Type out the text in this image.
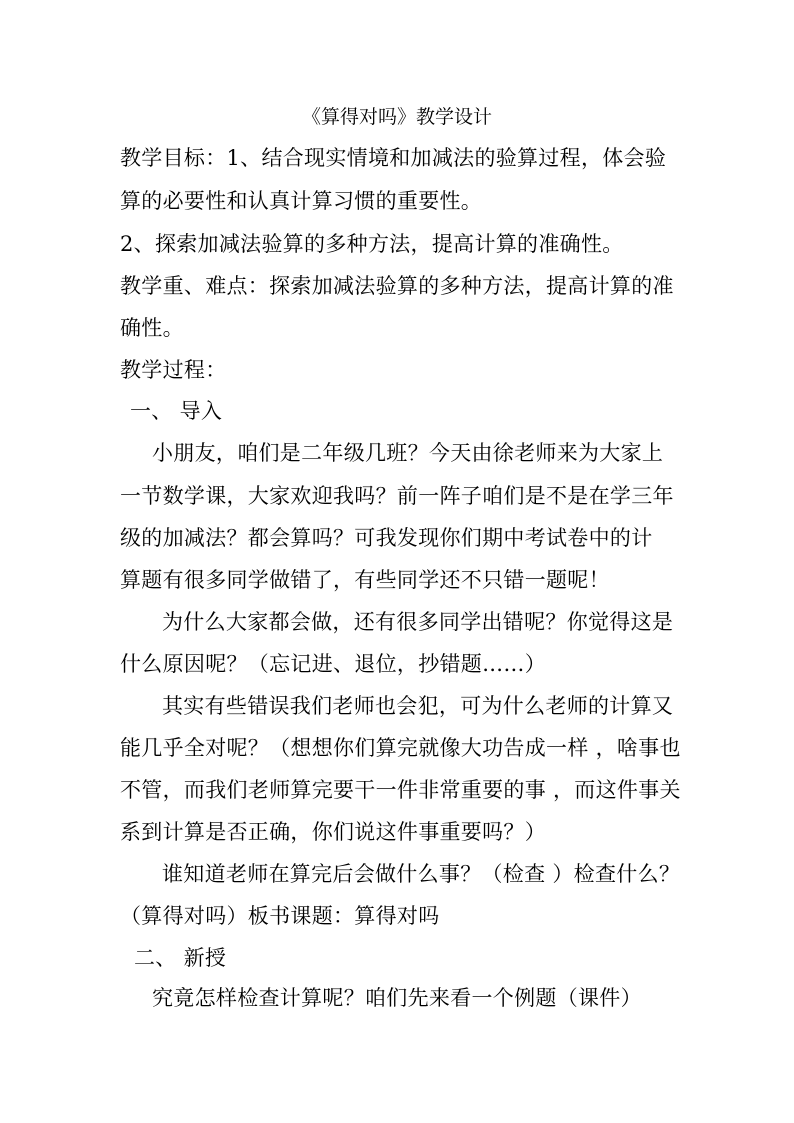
《算得对吗》教学设计
教学目标：1、结合现实情境和加减法的验算过程，体会验
算的必要性和认真计算习惯的重要性。
2、探索加减法验算的多种方法，提高计算的准确性。
教学重、难点：探索加减法验算的多种方法，提高计算的准
确性。
教学过程：
一、 导入
小朋友，咱们是二年级几班？今天由徐老师来为大家上
一节数学课，大家欢迎我吗？前一阵子咱们是不是在学三年
级的加减法？都会算吗？可我发现你们期中考试卷中的计
算题有很多同学做错了，有些同学还不只错一题呢！
为什么大家都会做，还有很多同学出错呢？你觉得这是
什么原因呢？（忘记进、退位，抄错题……）
其实有些错误我们老师也会犯，可为什么老师的计算又
能几乎全对呢？（想想你们算完就像大功告成一样 ，啥事也
不管，而我们老师算完要干一件非常重要的事 ，而这件事关
系到计算是否正确，你们说这件事重要吗？）
谁知道老师在算完后会做什么事？（检查 ）检查什么？
（算得对吗）板书课题：算得对吗
二、 新授
究竟怎样检查计算呢？咱们先来看一个例题（课件）
